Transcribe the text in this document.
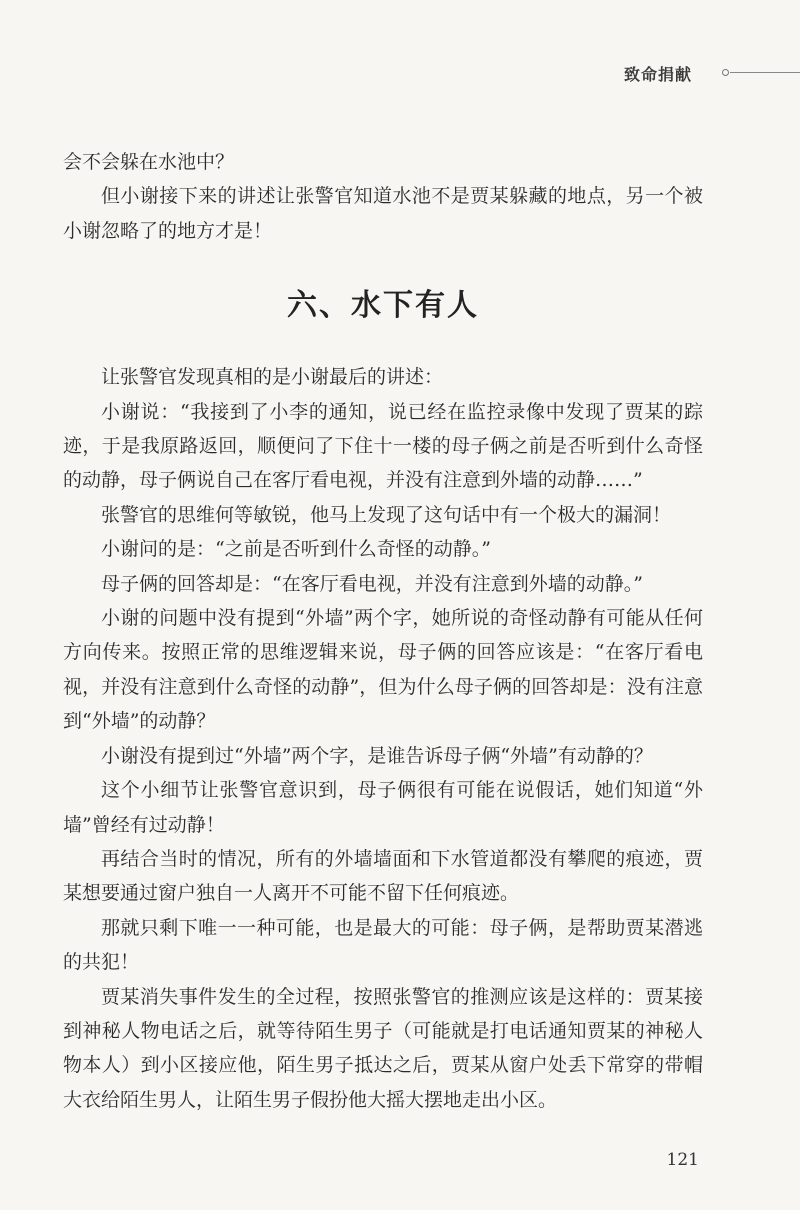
致命捐献

会不会躲在水池中？

但小谢接下来的讲述让张警官知道水池不是贾某躲藏的地点，另一个被小谢忽略了的地方才是！

六、水下有人

让张警官发现真相的是小谢最后的讲述：

小谢说：“我接到了小李的通知，说已经在监控录像中发现了贾某的踪迹，于是我原路返回，顺便问了下住十一楼的母子俩之前是否听到什么奇怪的动静，母子俩说自己在客厅看电视，并没有注意到外墙的动静……”

张警官的思维何等敏锐，他马上发现了这句话中有一个极大的漏洞！

小谢问的是：“之前是否听到什么奇怪的动静。”

母子俩的回答却是：“在客厅看电视，并没有注意到外墙的动静。”

小谢的问题中没有提到“外墙”两个字，她所说的奇怪动静有可能从任何方向传来。按照正常的思维逻辑来说，母子俩的回答应该是：“在客厅看电视，并没有注意到什么奇怪的动静”，但为什么母子俩的回答却是：没有注意到“外墙”的动静？

小谢没有提到过“外墙”两个字，是谁告诉母子俩“外墙”有动静的？

这个小细节让张警官意识到，母子俩很有可能在说假话，她们知道“外墙”曾经有过动静！

再结合当时的情况，所有的外墙墙面和下水管道都没有攀爬的痕迹，贾某想要通过窗户独自一人离开不可能不留下任何痕迹。

那就只剩下唯一一种可能，也是最大的可能：母子俩，是帮助贾某潜逃的共犯！

贾某消失事件发生的全过程，按照张警官的推测应该是这样的：贾某接到神秘人物电话之后，就等待陌生男子（可能就是打电话通知贾某的神秘人物本人）到小区接应他，陌生男子抵达之后，贾某从窗户处丢下常穿的带帽大衣给陌生男人，让陌生男子假扮他大摇大摆地走出小区。

121
